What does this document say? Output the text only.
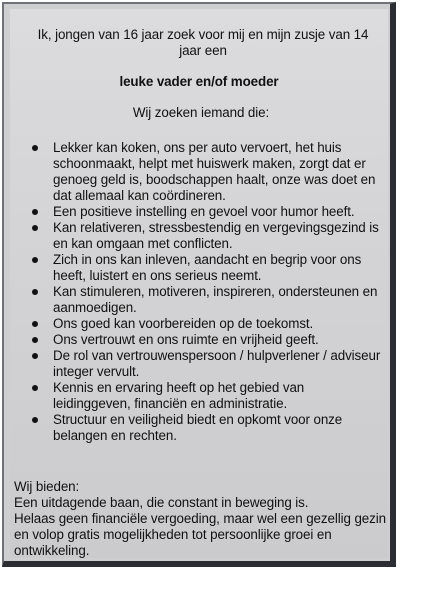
Ik, jongen van 16 jaar zoek voor mij en mijn zusje van 14 jaar een

leuke vader en/of moeder

Wij zoeken iemand die:

Lekker kan koken, ons per auto vervoert, het huis schoonmaakt, helpt met huiswerk maken, zorgt dat er genoeg geld is, boodschappen haalt, onze was doet en dat allemaal kan coördineren.
Een positieve instelling en gevoel voor humor heeft.
Kan relativeren, stressbestendig en vergevingsgezind is en kan omgaan met conflicten.
Zich in ons kan inleven, aandacht en begrip voor ons heeft, luistert en ons serieus neemt.
Kan stimuleren, motiveren, inspireren, ondersteunen en aanmoedigen.
Ons goed kan voorbereiden op de toekomst.
Ons vertrouwt en ons ruimte en vrijheid geeft.
De rol van vertrouwenspersoon / hulpverlener / adviseur integer vervult.
Kennis en ervaring heeft op het gebied van leidinggeven, financiën en administratie.
Structuur en veiligheid biedt en opkomt voor onze belangen en rechten.

Wij bieden:

Een uitdagende baan, die constant in beweging is.

Helaas geen financiële vergoeding, maar wel een gezellig gezin en volop gratis mogelijkheden tot persoonlijke groei en ontwikkeling.
